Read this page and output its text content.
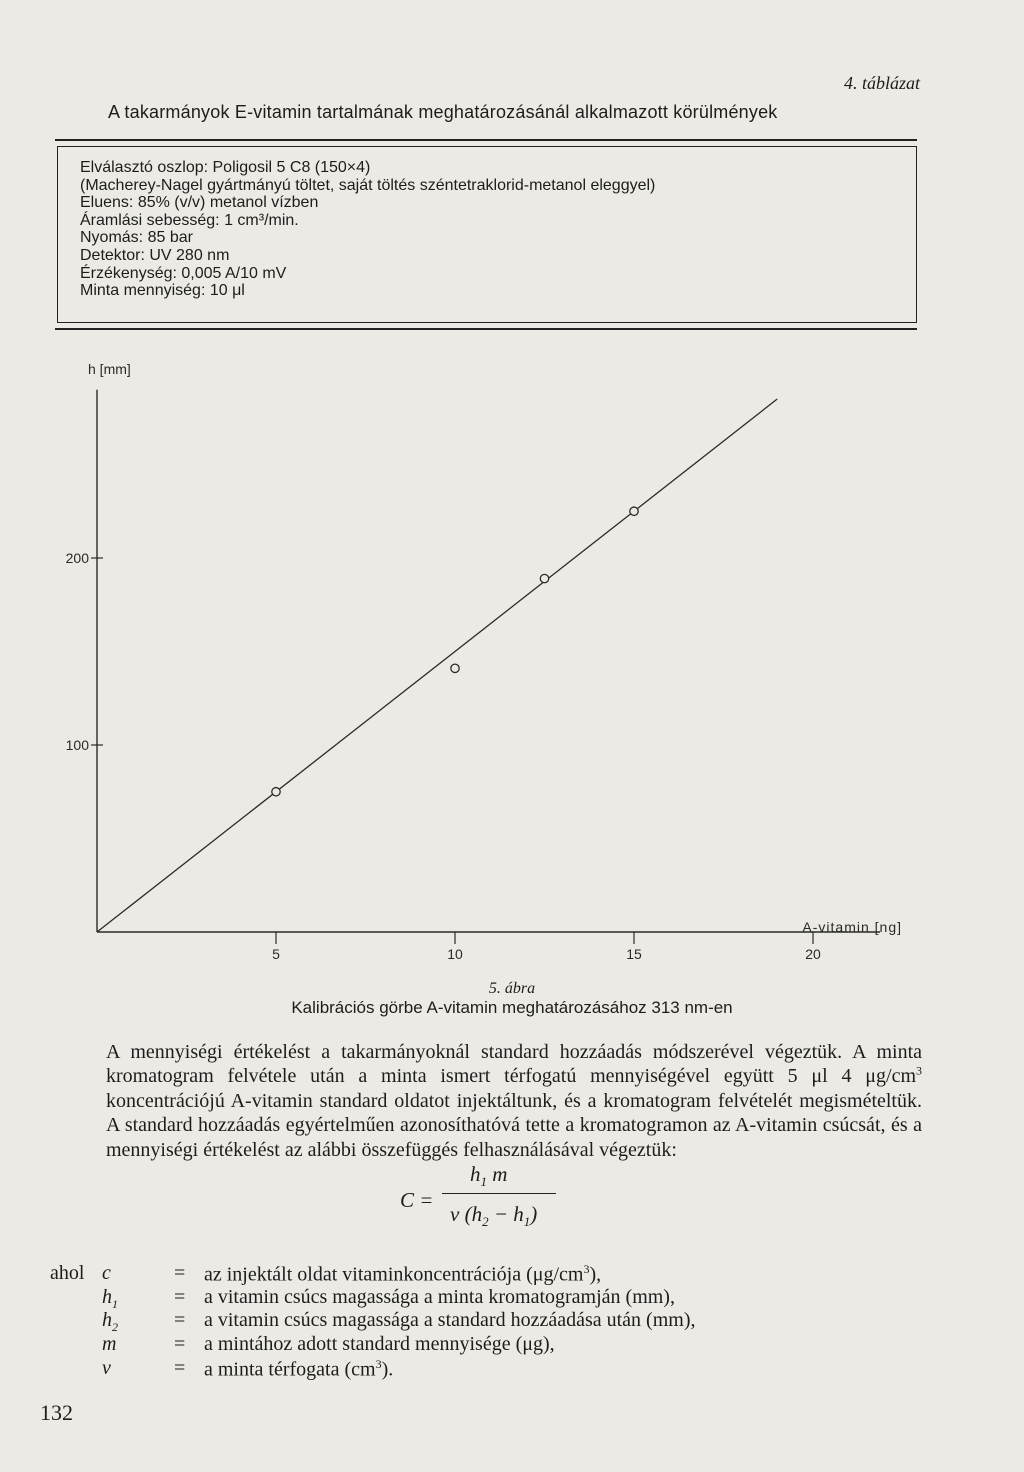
4. táblázat
A takarmányok E-vitamin tartalmának meghatározásánál alkalmazott körülmények
Elválasztó oszlop: Poligosil 5 C8 (150×4)
(Macherey-Nagel gyártmányú töltet, saját töltés széntetraklorid-metanol eleggyel)
Eluens: 85% (v/v) metanol vízben
Áramlási sebesség: 1 cm³/min.
Nyomás: 85 bar
Detektor: UV 280 nm
Érzékenység: 0,005 A/10 mV
Minta mennyiség: 10 μl
100
200
5	10	15	20
h [mm]
A-vitamin [ng]
5. ábra
Kalibrációs görbe A-vitamin meghatározásához 313 nm-en
A mennyiségi értékelést a takarmányoknál standard hozzáadás módszerével végeztük. A minta kromatogram felvétele után a minta ismert térfogatú mennyiségével együtt 5 μl 4 $\mu g/cm^3$ koncentrációjú A-vitamin standard oldatot injektáltunk, és a kromatogram felvételét megismételtük. A standard hozzáadás egyértelműen azonosíthatóvá tette a kromatogramon az A-vitamin csúcsát, és a mennyiségi értékelést az alábbi összefüggés felhasználásával végeztük:
C =
$h_1$ m
v $(h_2 - h_1)$
ahol c	= az injektált oldat vitaminkoncentrációja $(\mu g/cm^3)$,
$h_1$	= a vitamin csúcs magassága a minta kromatogramján (mm),
$h_2$	= a vitamin csúcs magassága a standard hozzáadása után (mm),
m	= a mintához adott standard mennyisége (μg),
v	= a minta térfogata $(cm^3)$.
132
